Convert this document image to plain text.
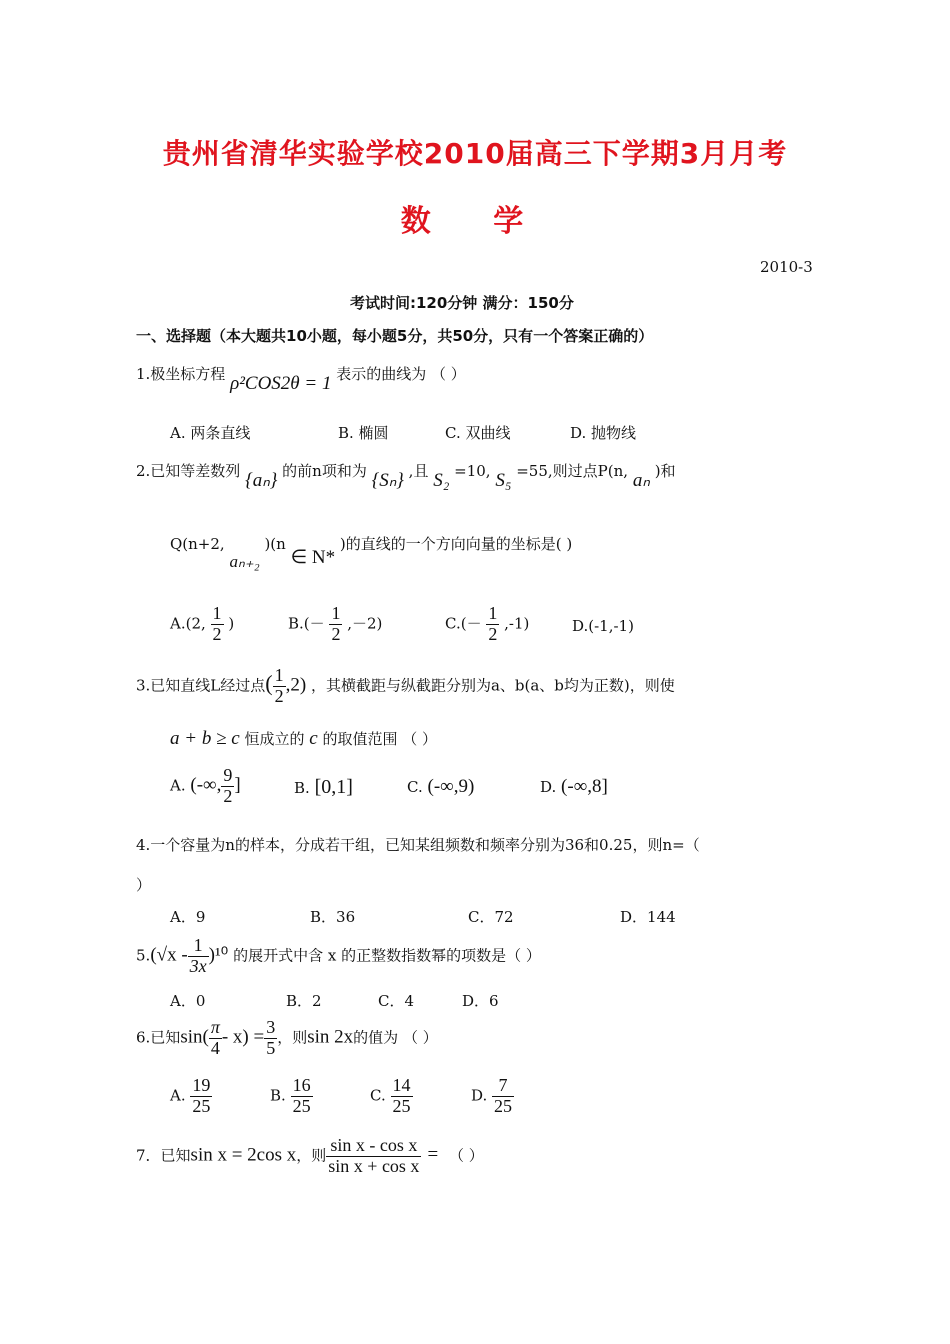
贵州省清华实验学校2010届高三下学期3月月考
数 学
2010-3
考试时间:120分钟 满分：150分
一、选择题（本大题共10小题，每小题5分，共50分，只有一个答案正确的）
1.极坐标方程 ρ²COS2θ = 1 表示的曲线为 （ ）
A. 两条直线	B. 椭圆	C. 双曲线	D. 抛物线
2.已知等差数列 {aₙ} 的前n项和为 {Sₙ} ,且 S₂ =10, S₅ =55,则过点P(n, aₙ )和
Q(n+2, aₙ₊₂ )(n ∈ N* )的直线的一个方向向量的坐标是( )
A.(2, $\frac{1}{2}$ )	$B.(- \frac{1}{2} ,-2)$	$C.(- \frac{1}{2} ,-1)$	D.(-1,-1)
3.已知直线L经过点( $\frac{1}{2} ,2$) ，其横截距与纵截距分别为a、b(a、b均为正数)，则使
a + b ≥ c 恒成立的 c 的取值范围 （ ）
A. (-∞, $\frac{9}{2}$ ]	B. [0,1]	C. (-∞,9)	D. (-∞,8]
4.一个容量为n的样本，分成若干组，已知某组频数和频率分别为36和0.25，则n=（
）
A．9	B．36	C．72	D．144
$5.(√x - \frac{1}{3x} )^{10}$ 的展开式中含 x 的正整数指数幂的项数是（ ）
A．0	B．2	C．4	D．6
6.已知$\sin( \frac{\pi}{4} - x) = \frac{3}{5}$ ，则sin 2x的值为 （ ）
A. $\frac{19}{25}$	B. $\frac{16}{25}$	C. $\frac{14}{25}$	D. $\frac{7}{25}$
7．已知sin x = 2cos x，则 $\frac{\text{sin x - cos x}}{\text{sin x + cos x}}$ = （ ）
